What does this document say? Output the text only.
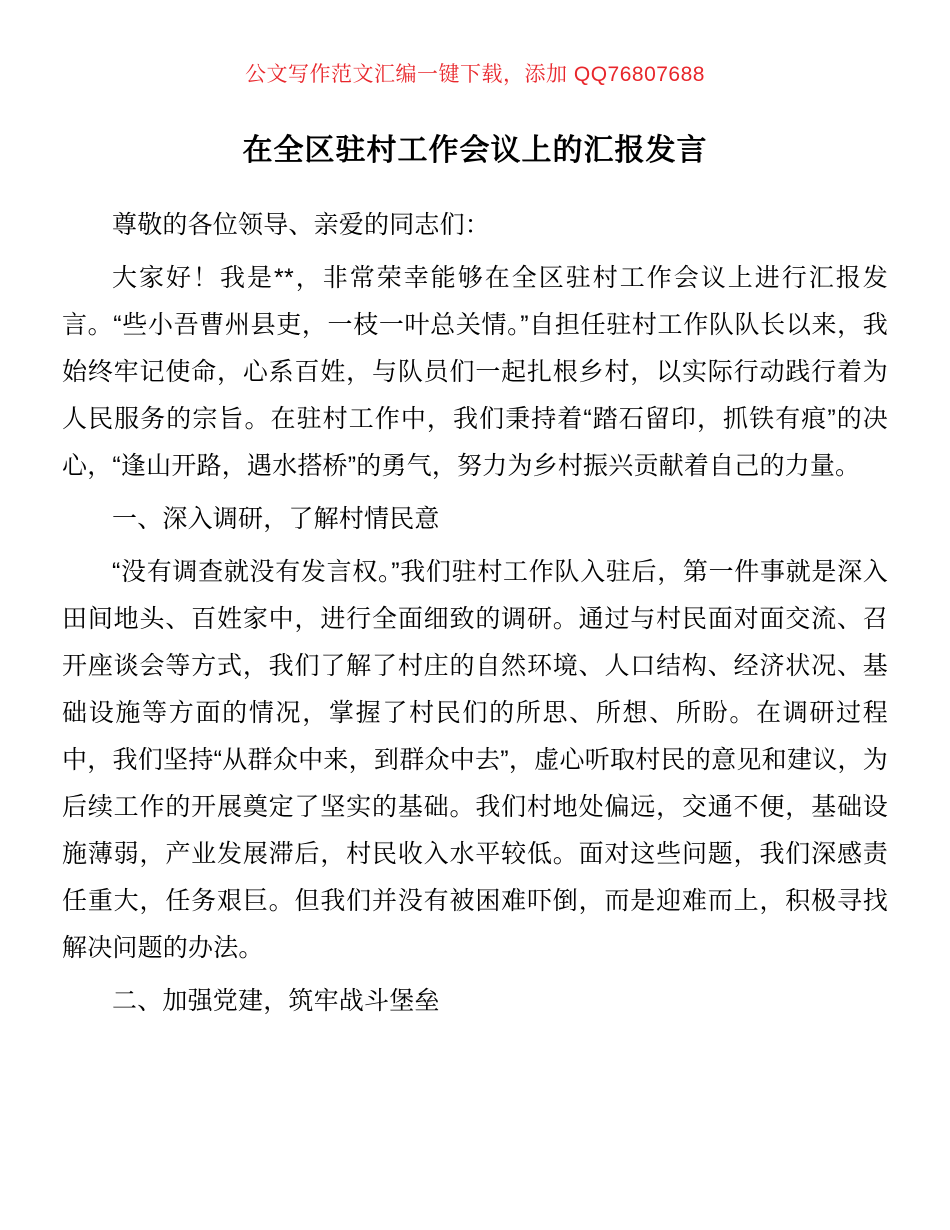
公文写作范文汇编一键下载，添加 QQ76807688
在全区驻村工作会议上的汇报发言

尊敬的各位领导、亲爱的同志们：

大家好！我是**，非常荣幸能够在全区驻村工作会议上进行汇报发言。“些小吾曹州县吏，一枝一叶总关情。”自担任驻村工作队队长以来，我始终牢记使命，心系百姓，与队员们一起扎根乡村，以实际行动践行着为人民服务的宗旨。在驻村工作中，我们秉持着“踏石留印，抓铁有痕”的决心，“逢山开路，遇水搭桥”的勇气，努力为乡村振兴贡献着自己的力量。

一、深入调研，了解村情民意

“没有调查就没有发言权。”我们驻村工作队入驻后，第一件事就是深入田间地头、百姓家中，进行全面细致的调研。通过与村民面对面交流、召开座谈会等方式，我们了解了村庄的自然环境、人口结构、经济状况、基础设施等方面的情况，掌握了村民们的所思、所想、所盼。在调研过程中，我们坚持“从群众中来，到群众中去”，虚心听取村民的意见和建议，为后续工作的开展奠定了坚实的基础。我们村地处偏远，交通不便，基础设施薄弱，产业发展滞后，村民收入水平较低。面对这些问题，我们深感责任重大，任务艰巨。但我们并没有被困难吓倒，而是迎难而上，积极寻找解决问题的办法。

二、加强党建，筑牢战斗堡垒
